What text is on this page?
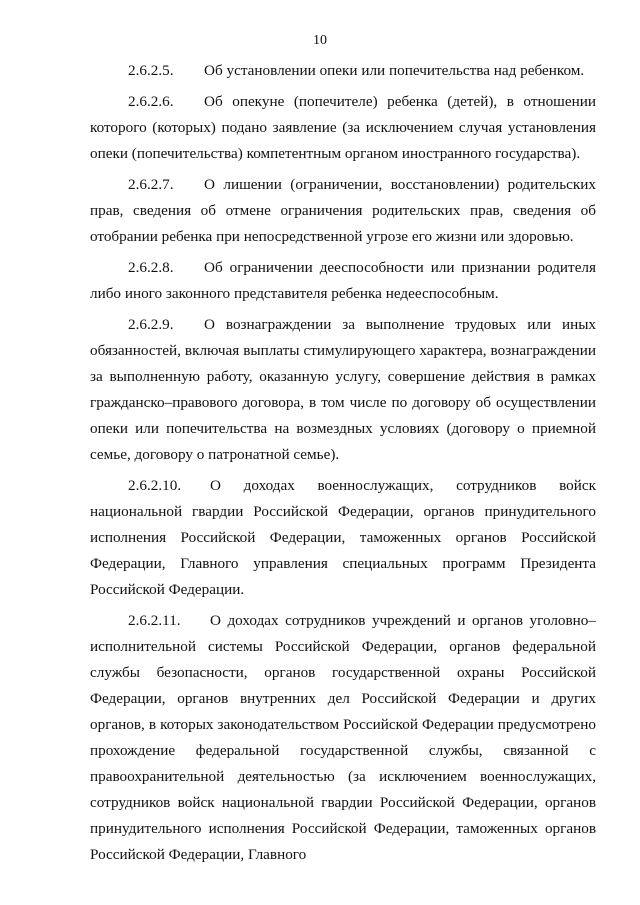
10

2.6.2.5. Об установлении опеки или попечительства над ребенком.

2.6.2.6. Об опекуне (попечителе) ребенка (детей), в отношении которого (которых) подано заявление (за исключением случая установления опеки (попечительства) компетентным органом иностранного государства).

2.6.2.7. О лишении (ограничении, восстановлении) родительских прав, сведения об отмене ограничения родительских прав, сведения об отобрании ребенка при непосредственной угрозе его жизни или здоровью.

2.6.2.8. Об ограничении дееспособности или признании родителя либо иного законного представителя ребенка недееспособным.

2.6.2.9. О вознаграждении за выполнение трудовых или иных обязанностей, включая выплаты стимулирующего характера, вознаграждении за выполненную работу, оказанную услугу, совершение действия в рамках гражданско–правового договора, в том числе по договору об осуществлении опеки или попечительства на возмездных условиях (договору о приемной семье, договору о патронатной семье).

2.6.2.10. О доходах военнослужащих, сотрудников войск национальной гвардии Российской Федерации, органов принудительного исполнения Российской Федерации, таможенных органов Российской Федерации, Главного управления специальных программ Президента Российской Федерации.

2.6.2.11. О доходах сотрудников учреждений и органов уголовно–исполнительной системы Российской Федерации, органов федеральной службы безопасности, органов государственной охраны Российской Федерации, органов внутренних дел Российской Федерации и других органов, в которых законодательством Российской Федерации предусмотрено прохождение федеральной государственной службы, связанной с правоохранительной деятельностью (за исключением военнослужащих, сотрудников войск национальной гвардии Российской Федерации, органов принудительного исполнения Российской Федерации, таможенных органов Российской Федерации, Главного
